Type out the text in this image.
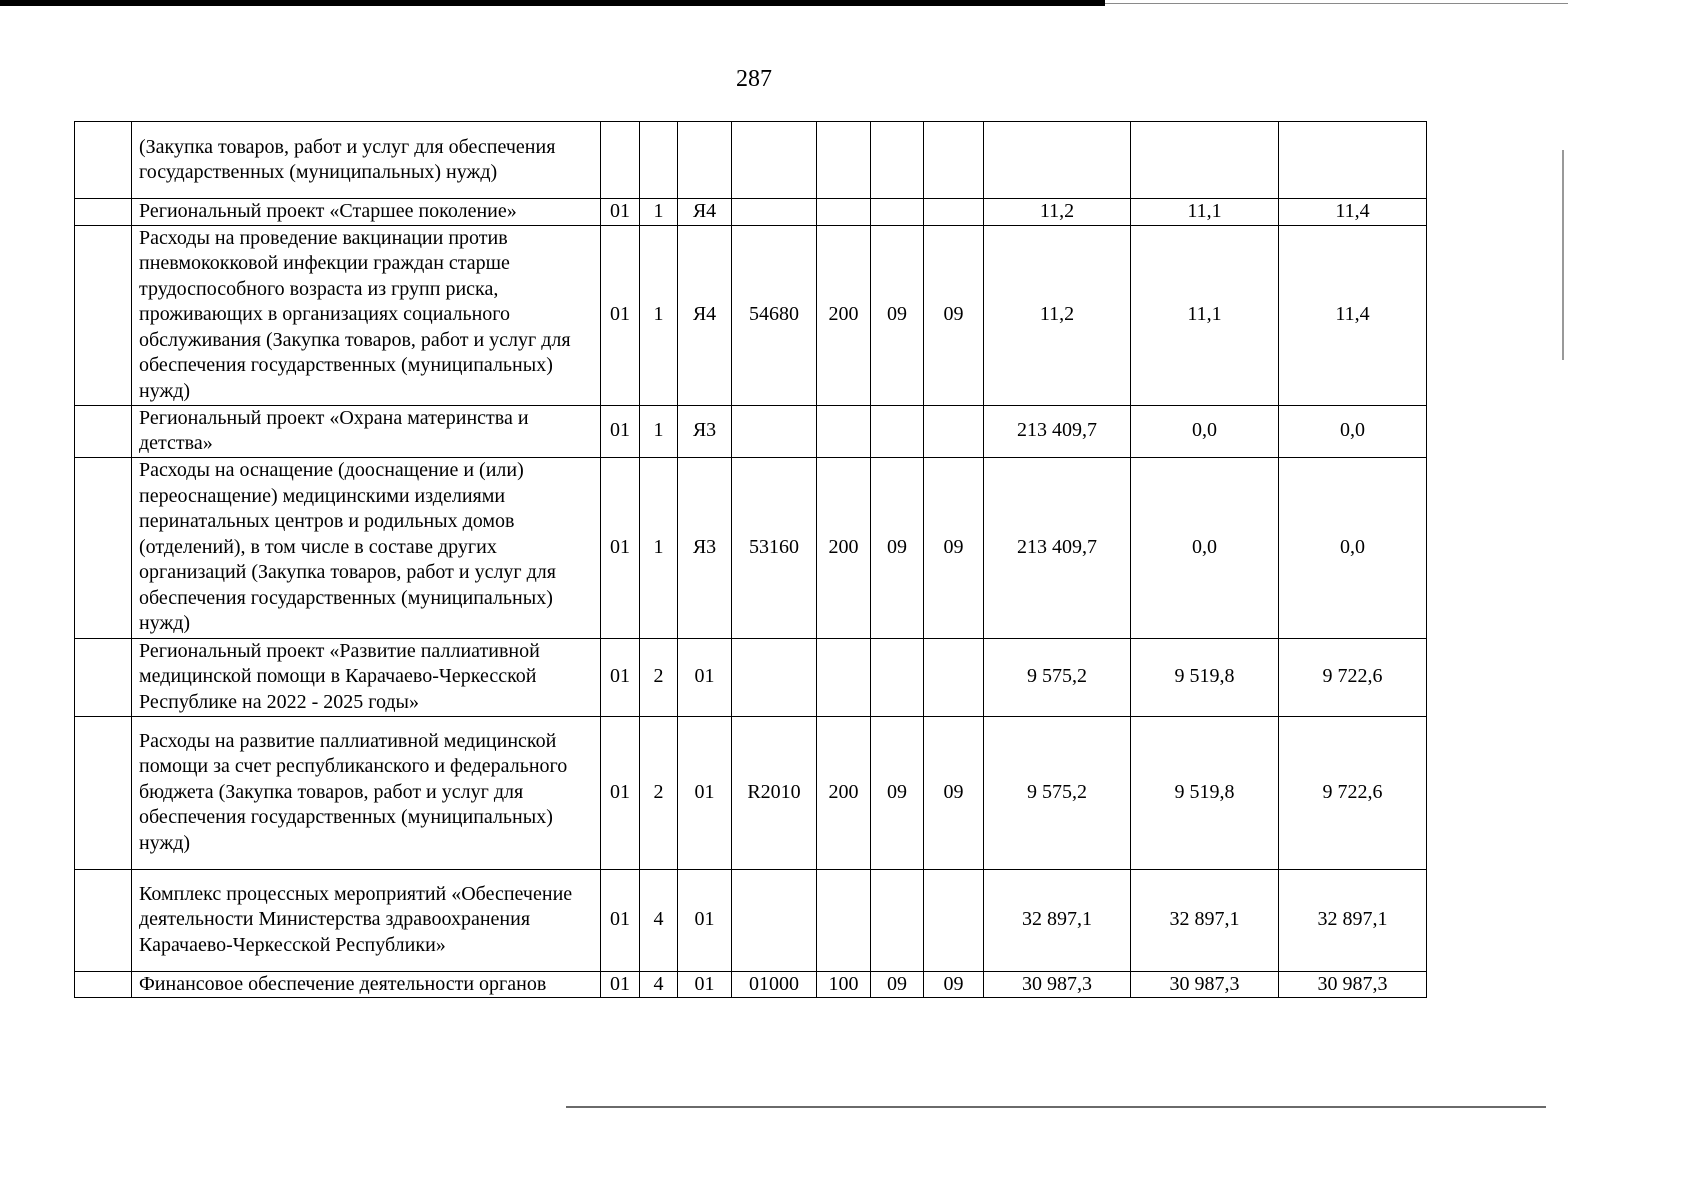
287
	(Закупка товаров, работ и услуг для обеспечения государственных (муниципальных) нужд)										
	Региональный проект «Старшее поколение»	01	1	Я4					11,2	11,1	11,4
	Расходы на проведение вакцинации против пневмококковой инфекции граждан старше трудоспособного возраста из групп риска, проживающих в организациях социального обслуживания (Закупка товаров, работ и услуг для обеспечения государственных (муниципальных) нужд)	01	1	Я4	54680	200	09	09	11,2	11,1	11,4
	Региональный проект «Охрана материнства и детства»	01	1	Я3					213 409,7	0,0	0,0
	Расходы на оснащение (дооснащение и (или) переоснащение) медицинскими изделиями перинатальных центров и родильных домов (отделений), в том числе в составе других организаций (Закупка товаров, работ и услуг для обеспечения государственных (муниципальных) нужд)	01	1	Я3	53160	200	09	09	213 409,7	0,0	0,0
	Региональный проект «Развитие паллиативной медицинской помощи в Карачаево-Черкесской Республике на 2022 - 2025 годы»	01	2	01					9 575,2	9 519,8	9 722,6
	Расходы на развитие паллиативной медицинской помощи за счет республиканского и федерального бюджета (Закупка товаров, работ и услуг для обеспечения государственных (муниципальных) нужд)	01	2	01	R2010	200	09	09	9 575,2	9 519,8	9 722,6
	Комплекс процессных мероприятий «Обеспечение деятельности Министерства здравоохранения Карачаево-Черкесской Республики»	01	4	01					32 897,1	32 897,1	32 897,1
	Финансовое обеспечение деятельности органов	01	4	01	01000	100	09	09	30 987,3	30 987,3	30 987,3
